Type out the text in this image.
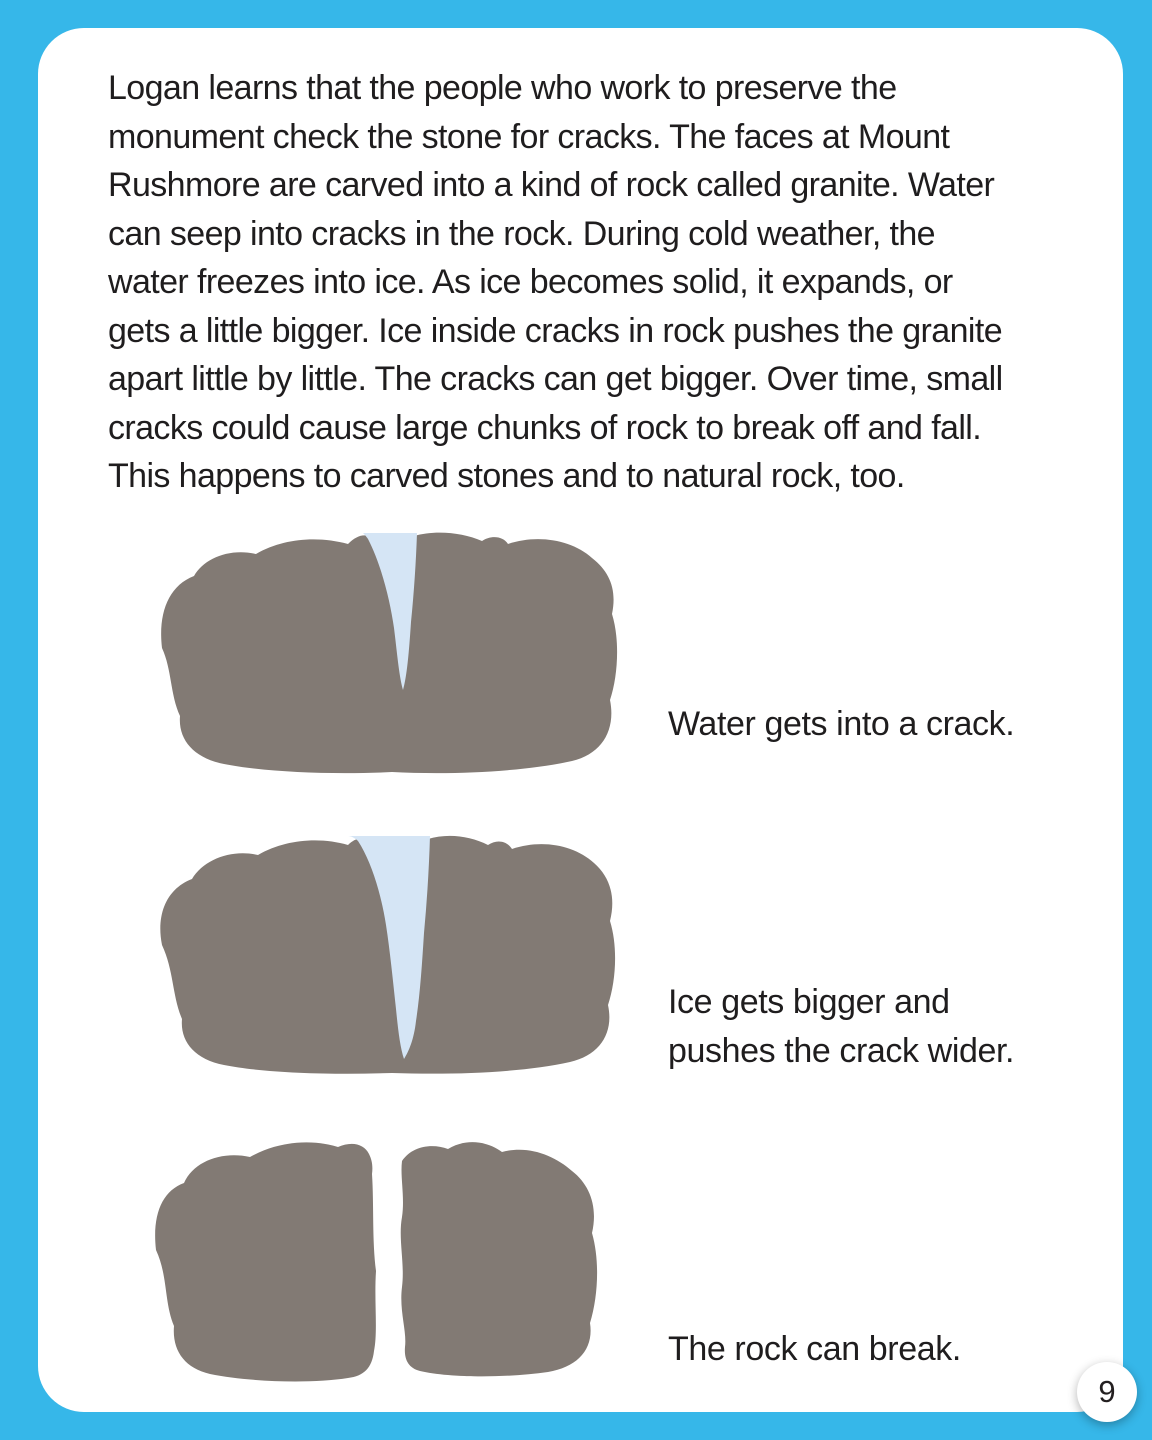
Logan learns that the people who work to preserve the
monument check the stone for cracks. The faces at Mount
Rushmore are carved into a kind of rock called granite. Water
can seep into cracks in the rock. During cold weather, the
water freezes into ice. As ice becomes solid, it expands, or
gets a little bigger. Ice inside cracks in rock pushes the granite
apart little by little. The cracks can get bigger. Over time, small
cracks could cause large chunks of rock to break off and fall.
This happens to carved stones and to natural rock, too.
Water gets into a crack.
Ice gets bigger and
pushes the crack wider.
The rock can break.
9
